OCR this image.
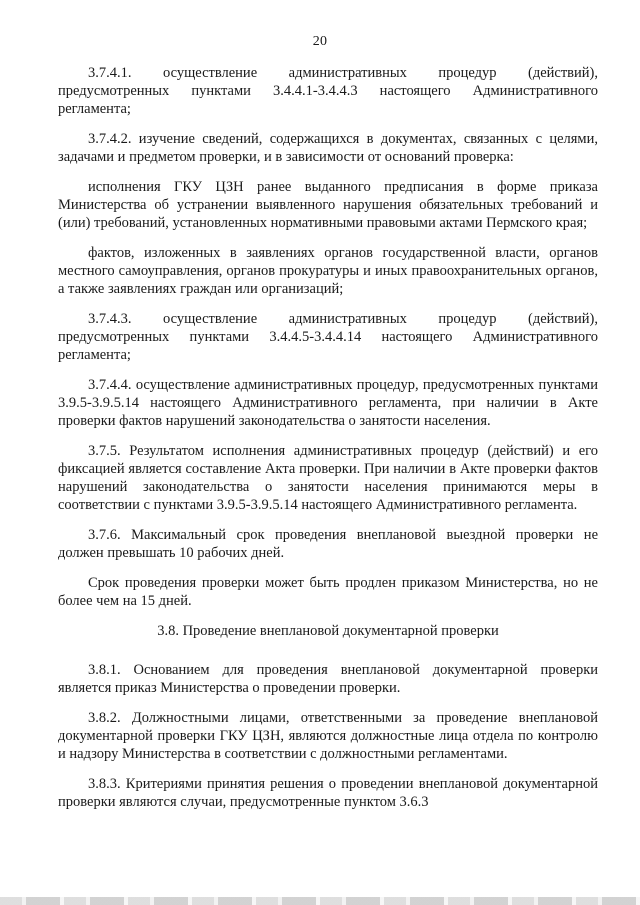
20

3.7.4.1. осуществление административных процедур (действий), предусмотренных пунктами 3.4.4.1-3.4.4.3 настоящего Административного регламента;

3.7.4.2. изучение сведений, содержащихся в документах, связанных с целями, задачами и предметом проверки, и в зависимости от оснований проверка:

исполнения ГКУ ЦЗН ранее выданного предписания в форме приказа Министерства об устранении выявленного нарушения обязательных требований и (или) требований, установленных нормативными правовыми актами Пермского края;

фактов, изложенных в заявлениях органов государственной власти, органов местного самоуправления, органов прокуратуры и иных правоохранительных органов, а также заявлениях граждан или организаций;

3.7.4.3. осуществление административных процедур (действий), предусмотренных пунктами 3.4.4.5-3.4.4.14 настоящего Административного регламента;

3.7.4.4. осуществление административных процедур, предусмотренных пунктами 3.9.5-3.9.5.14 настоящего Административного регламента, при наличии в Акте проверки фактов нарушений законодательства о занятости населения.

3.7.5. Результатом исполнения административных процедур (действий) и его фиксацией является составление Акта проверки. При наличии в Акте проверки фактов нарушений законодательства о занятости населения принимаются меры в соответствии с пунктами 3.9.5-3.9.5.14 настоящего Административного регламента.

3.7.6. Максимальный срок проведения внеплановой выездной проверки не должен превышать 10 рабочих дней.

Срок проведения проверки может быть продлен приказом Министерства, но не более чем на 15 дней.

3.8. Проведение внеплановой документарной проверки

3.8.1. Основанием для проведения внеплановой документарной проверки является приказ Министерства о проведении проверки.

3.8.2. Должностными лицами, ответственными за проведение внеплановой документарной проверки ГКУ ЦЗН, являются должностные лица отдела по контролю и надзору Министерства в соответствии с должностными регламентами.

3.8.3. Критериями принятия решения о проведении внеплановой документарной проверки являются случаи, предусмотренные пунктом 3.6.3
